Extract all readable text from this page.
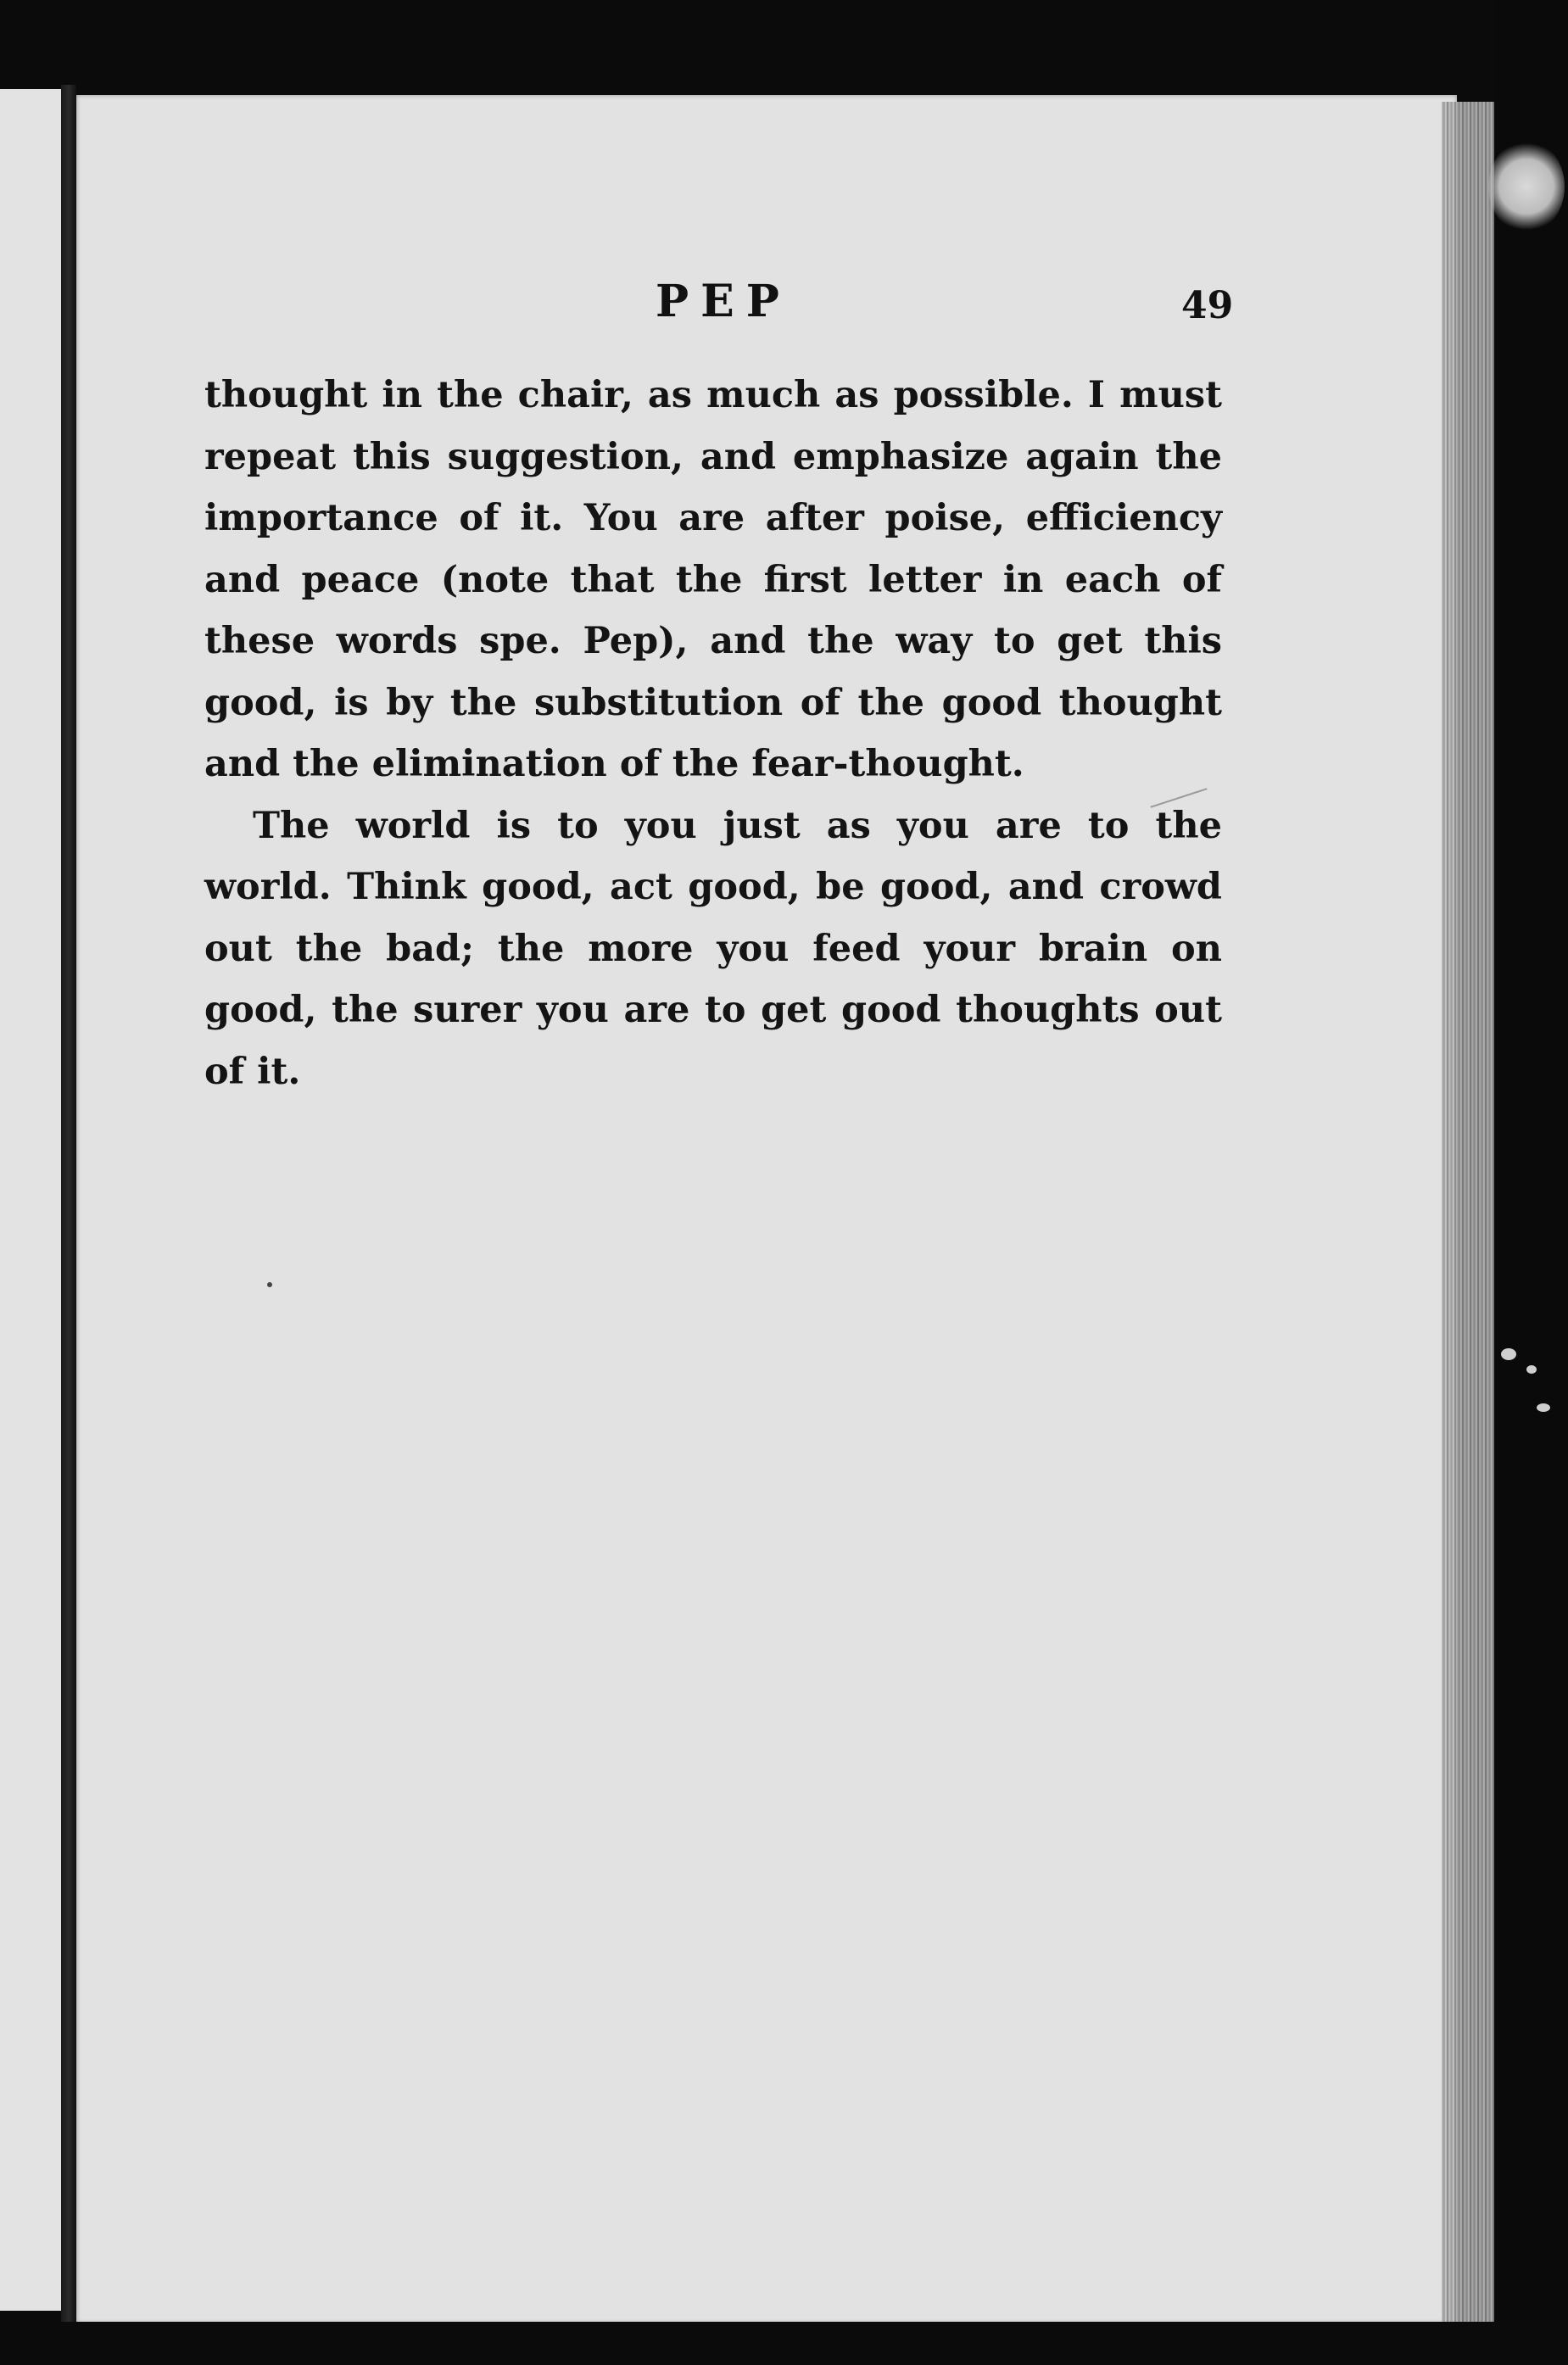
PEP	49

thought in the chair, as much as possible. I must repeat this suggestion, and emphasize again the importance of it. You are after poise, efficiency and peace (note that the first letter in each of these words spe. Pep), and the way to get this good, is by the substitution of the good thought and the elimination of the fear-thought.

The world is to you just as you are to the world. Think good, act good, be good, and crowd out the bad; the more you feed your brain on good, the surer you are to get good thoughts out of it.
